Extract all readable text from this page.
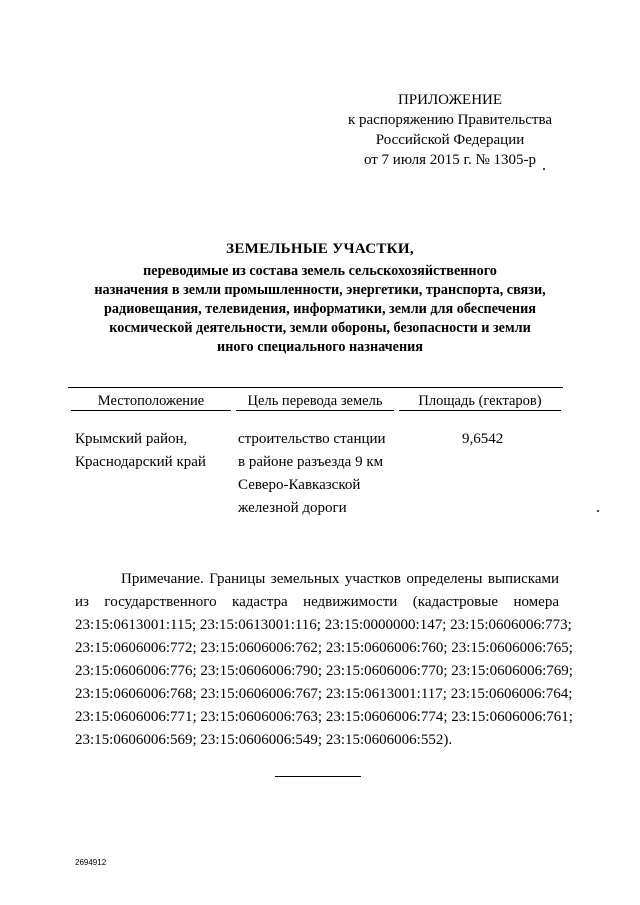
ПРИЛОЖЕНИЕ
к распоряжению Правительства
Российской Федерации
от 7 июля 2015 г. № 1305-р
ЗЕМЕЛЬНЫЕ УЧАСТКИ,
переводимые из состава земель сельскохозяйственного
назначения в земли промышленности, энергетики, транспорта, связи,
радиовещания, телевидения, информатики, земли для обеспечения
космической деятельности, земли обороны, безопасности и земли
иного специального назначения
Местоположение	Цель перевода земель	Площадь (гектаров)
Крымский район,
Краснодарский край
строительство станции
в районе разъезда 9 км
Северо-Кавказской
железной дороги
9,6542
Примечание. Границы земельных участков определены выписками
из государственного кадастра недвижимости (кадастровые номера
23:15:0613001:115; 23:15:0613001:116; 23:15:0000000:147; 23:15:0606006:773;
23:15:0606006:772; 23:15:0606006:762; 23:15:0606006:760; 23:15:0606006:765;
23:15:0606006:776; 23:15:0606006:790; 23:15:0606006:770; 23:15:0606006:769;
23:15:0606006:768; 23:15:0606006:767; 23:15:0613001:117; 23:15:0606006:764;
23:15:0606006:771; 23:15:0606006:763; 23:15:0606006:774; 23:15:0606006:761;
23:15:0606006:569; 23:15:0606006:549; 23:15:0606006:552).
2694912
